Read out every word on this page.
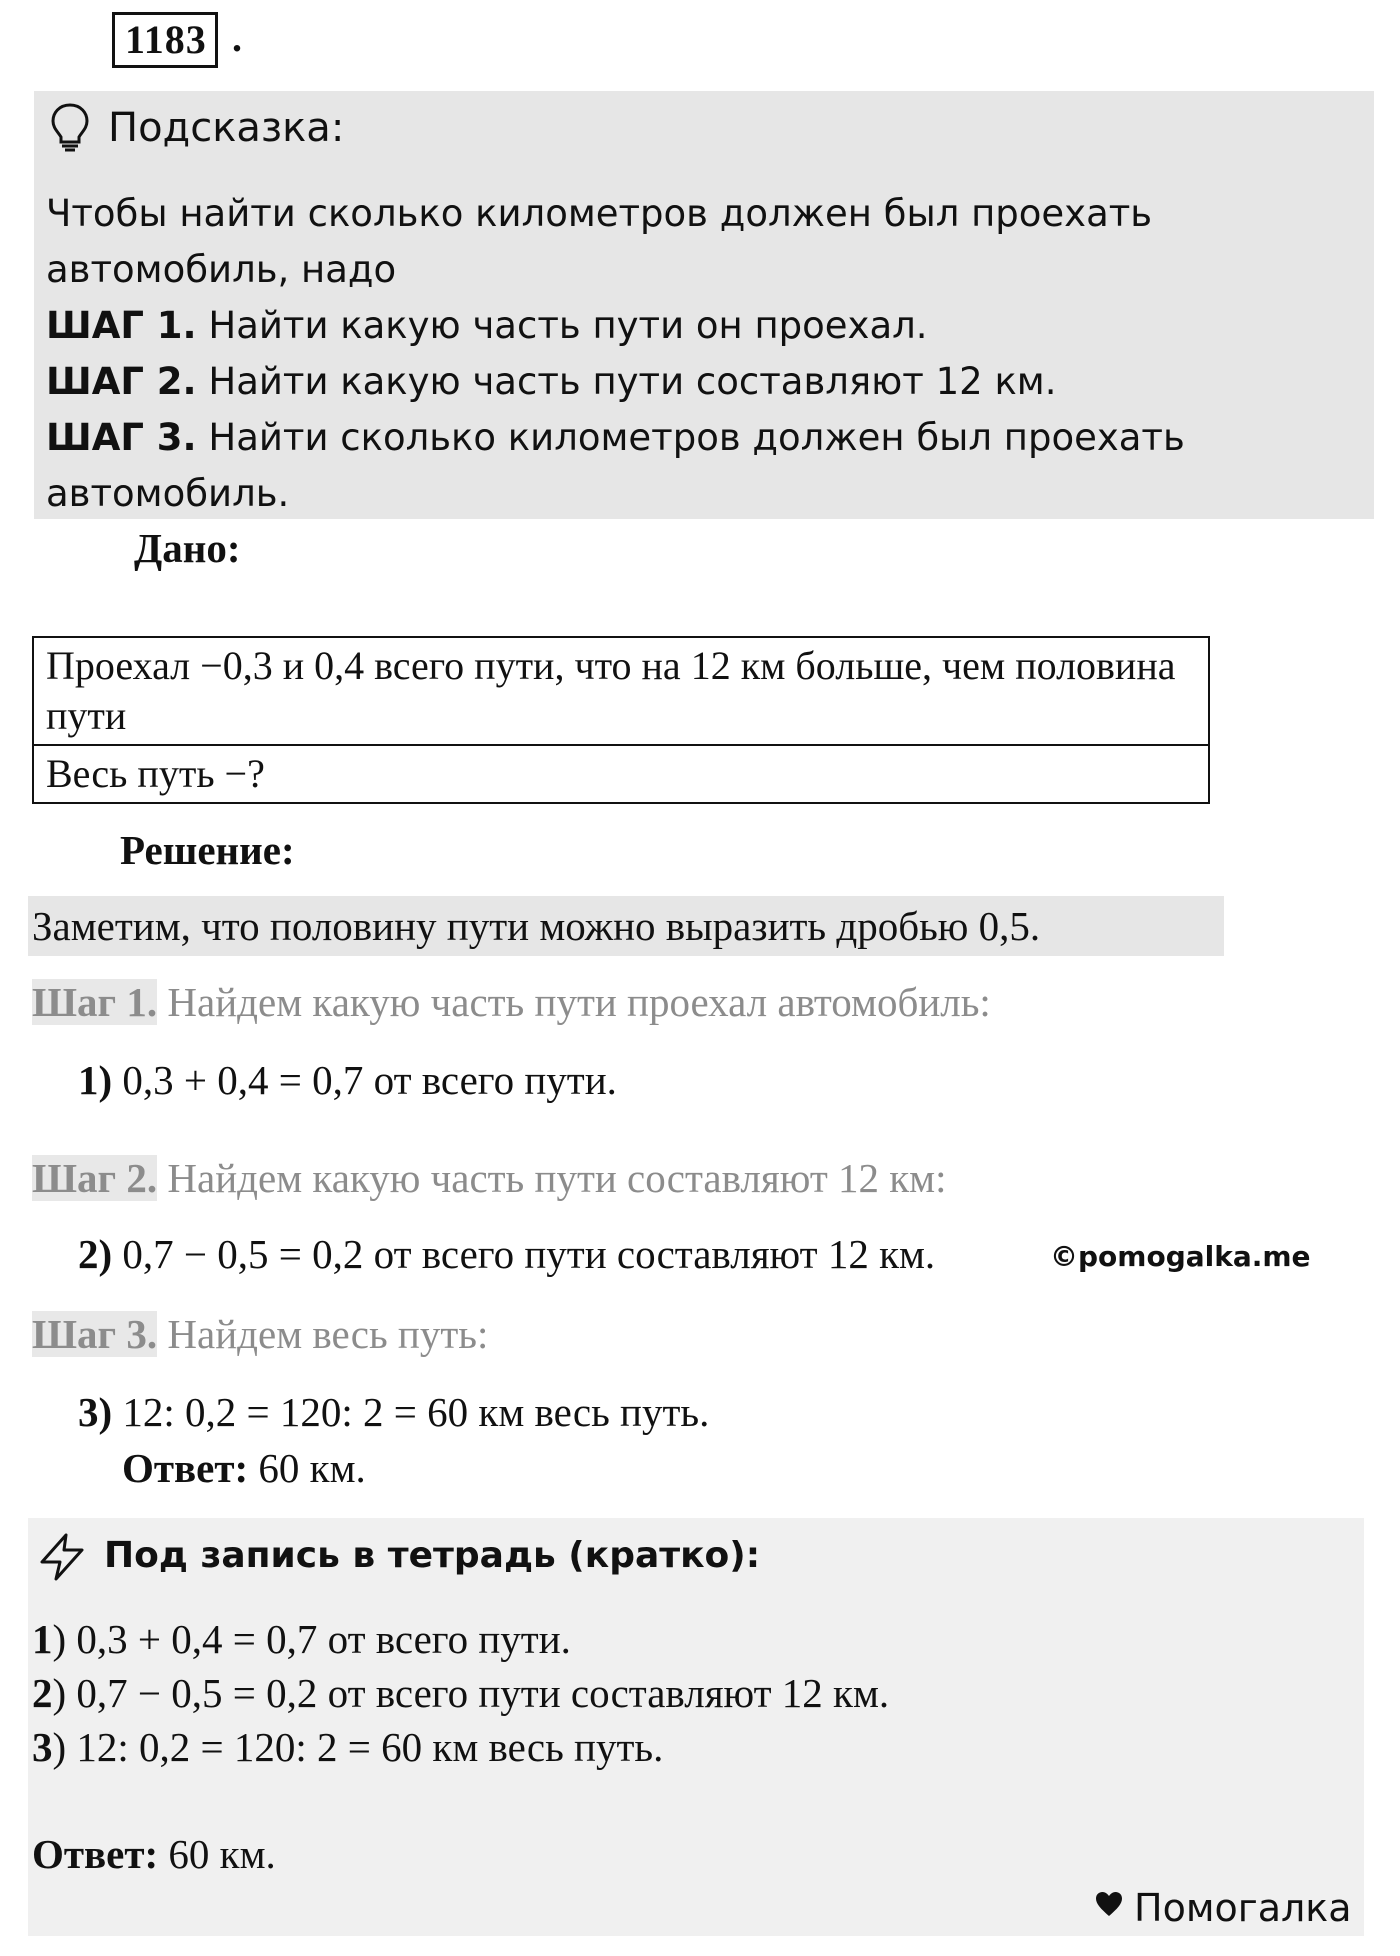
1183 .
Подсказка:

Чтобы найти сколько километров должен был проехать автомобиль, надо

ШАГ 1. Найти какую часть пути он проехал.

ШАГ 2. Найти какую часть пути составляют 12 км.

ШАГ 3. Найти сколько километров должен был проехать автомобиль.

Дано:
Проехал −0,3 и 0,4 всего пути, что на 12 км больше, чем половина пути
Весь путь −?
Решение:
Заметим, что половину пути можно выразить дробью 0,5.
Шаг 1. Найдем какую часть пути проехал автомобиль:
1) 0,3 + 0,4 = 0,7 от всего пути.
Шаг 2. Найдем какую часть пути составляют 12 км:
2) 0,7 − 0,5 = 0,2 от всего пути составляют 12 км.	©pomogalka.me
Шаг 3. Найдем весь путь:
3) 12: 0,2 = 120: 2 = 60 км весь путь.
Ответ: 60 км.
Под запись в тетрадь (кратко):

1) 0,3 + 0,4 = 0,7 от всего пути.

2) 0,7 − 0,5 = 0,2 от всего пути составляют 12 км.

3) 12: 0,2 = 120: 2 = 60 км весь путь.

Ответ: 60 км.
Помогалка
